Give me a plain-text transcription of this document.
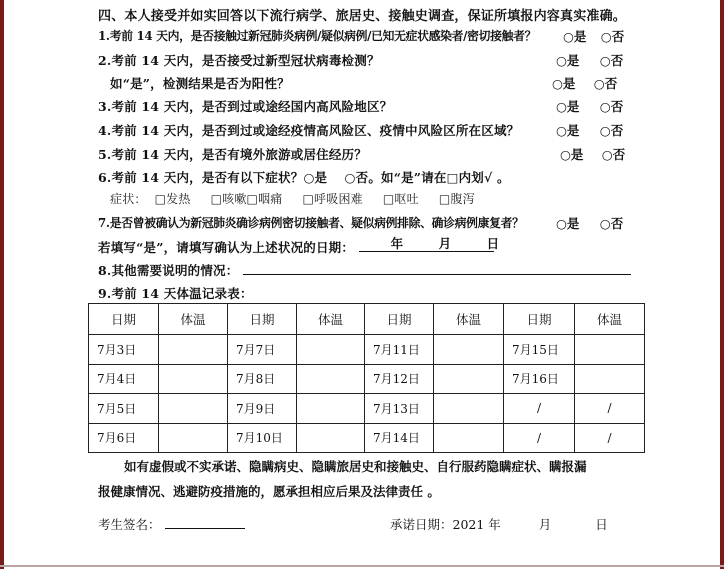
四、本人接受并如实回答以下流行病学、旅居史、接触史调查，保证所填报内容真实准确。
1.考前 14 天内，是否接触过新冠肺炎病例/疑似病例/已知无症状感染者/密切接触者？ ○是 ○否
2.考前 14 天内，是否接受过新型冠状病毒检测？	○是 ○否
如“是”，检测结果是否为阳性？	○是 ○否
3.考前 14 天内，是否到过或途经国内高风险地区？	○是 ○否
4.考前 14 天内，是否到过或途经疫情高风险区、疫情中风险区所在区域？	○是 ○否
5.考前 14 天内，是否有境外旅游或居住经历？	○是 ○否
6.考前 14 天内，是否有以下症状？○是 　○否。如“是”请在□内划√ 。
症状： □发热 □咳嗽□咽痛 □呼吸困难 □呕吐 □腹泻
7.是否曾被确认为新冠肺炎确诊病例密切接触者、疑似病例排除、确诊病例康复者？	○是 ○否
若填写“是”，请填写确认为上述状况的日期：	年	月	日
8.其他需要说明的情况：
9.考前 14 天体温记录表：
日期	体温	日期	体温	日期	体温	日期	体温
7月3日		7月7日		7月11日		7月15日	
7月4日		7月8日		7月12日		7月16日	
7月5日		7月9日		7月13日		/	/
7月6日		7月10日		7月14日		/	/
如有虚假或不实承诺、隐瞒病史、隐瞒旅居史和接触史、自行服药隐瞒症状、瞒报漏
报健康情况、逃避防疫措施的，愿承担相应后果及法律责任 。
考生签名：	承诺日期：2021 年	月	日
